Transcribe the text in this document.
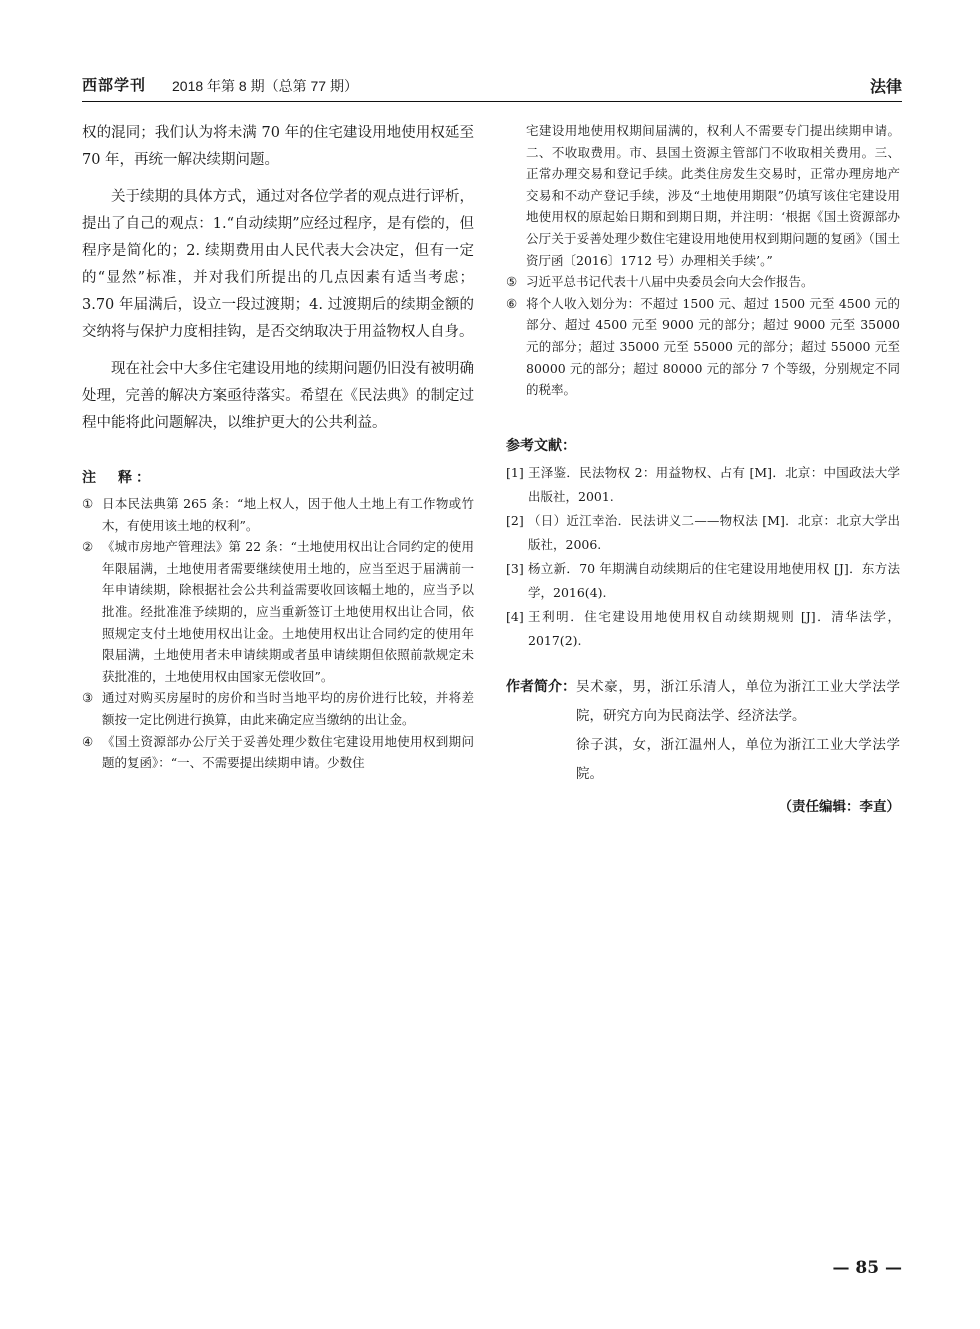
西部学刊 2018 年第 8 期（总第 77 期）	法律

权的混同；我们认为将未满 70 年的住宅建设用地使用权延至 70 年，再统一解决续期问题。

关于续期的具体方式，通过对各位学者的观点进行评析，提出了自己的观点：1.“自动续期”应经过程序，是有偿的，但程序是简化的；2. 续期费用由人民代表大会决定，但有一定的“显然”标准，并对我们所提出的几点因素有适当考虑；3.70 年届满后，设立一段过渡期；4. 过渡期后的续期金额的交纳将与保护力度相挂钩，是否交纳取决于用益物权人自身。

现在社会中大多住宅建设用地的续期问题仍旧没有被明确处理，完善的解决方案亟待落实。希望在《民法典》的制定过程中能将此问题解决，以维护更大的公共利益。

注　释：

① 日本民法典第 265 条：“地上权人，因于他人土地上有工作物或竹木，有使用该土地的权利”。
② 《城市房地产管理法》第 22 条：“土地使用权出让合同约定的使用年限届满，土地使用者需要继续使用土地的，应当至迟于届满前一年申请续期，除根据社会公共利益需要收回该幅土地的，应当予以批准。经批准准予续期的，应当重新签订土地使用权出让合同，依照规定支付土地使用权出让金。土地使用权出让合同约定的使用年限届满，土地使用者未申请续期或者虽申请续期但依照前款规定未获批准的，土地使用权由国家无偿收回”。
③ 通过对购买房屋时的房价和当时当地平均的房价进行比较，并将差额按一定比例进行换算，由此来确定应当缴纳的出让金。
④ 《国土资源部办公厅关于妥善处理少数住宅建设用地使用权到期问题的复函》：“一、不需要提出续期申请。少数住

宅建设用地使用权期间届满的，权利人不需要专门提出续期申请。二、不收取费用。市、县国土资源主管部门不收取相关费用。三、正常办理交易和登记手续。此类住房发生交易时，正常办理房地产交易和不动产登记手续，涉及“土地使用期限”仍填写该住宅建设用地使用权的原起始日期和到期日期，并注明：‘根据《国土资源部办公厅关于妥善处理少数住宅建设用地使用权到期问题的复函》（国土资厅函〔2016〕1712 号）办理相关手续’。”

⑤ 习近平总书记代表十八届中央委员会向大会作报告。
⑥ 将个人收入划分为：不超过 1500 元、超过 1500 元至 4500 元的部分、超过 4500 元至 9000 元的部分；超过 9000 元至 35000 元的部分；超过 35000 元至 55000 元的部分；超过 55000 元至 80000 元的部分；超过 80000 元的部分 7 个等级，分别规定不同的税率。

参考文献：

[1] 王泽鉴．民法物权 2：用益物权、占有 [M]．北京：中国政法大学出版社，2001.
[2] （日）近江幸治．民法讲义二——物权法 [M]．北京：北京大学出版社，2006.
[3] 杨立新．70 年期满自动续期后的住宅建设用地使用权 [J]．东方法学，2016(4).
[4] 王利明．住宅建设用地使用权自动续期规则 [J]．清华法学，2017(2).
作者简介： 吴术豪，男，浙江乐清人，单位为浙江工业大学法学院，研究方向为民商法学、经济法学。

徐子淇，女，浙江温州人，单位为浙江工业大学法学院。

（责任编辑：李直）
— 85 —
